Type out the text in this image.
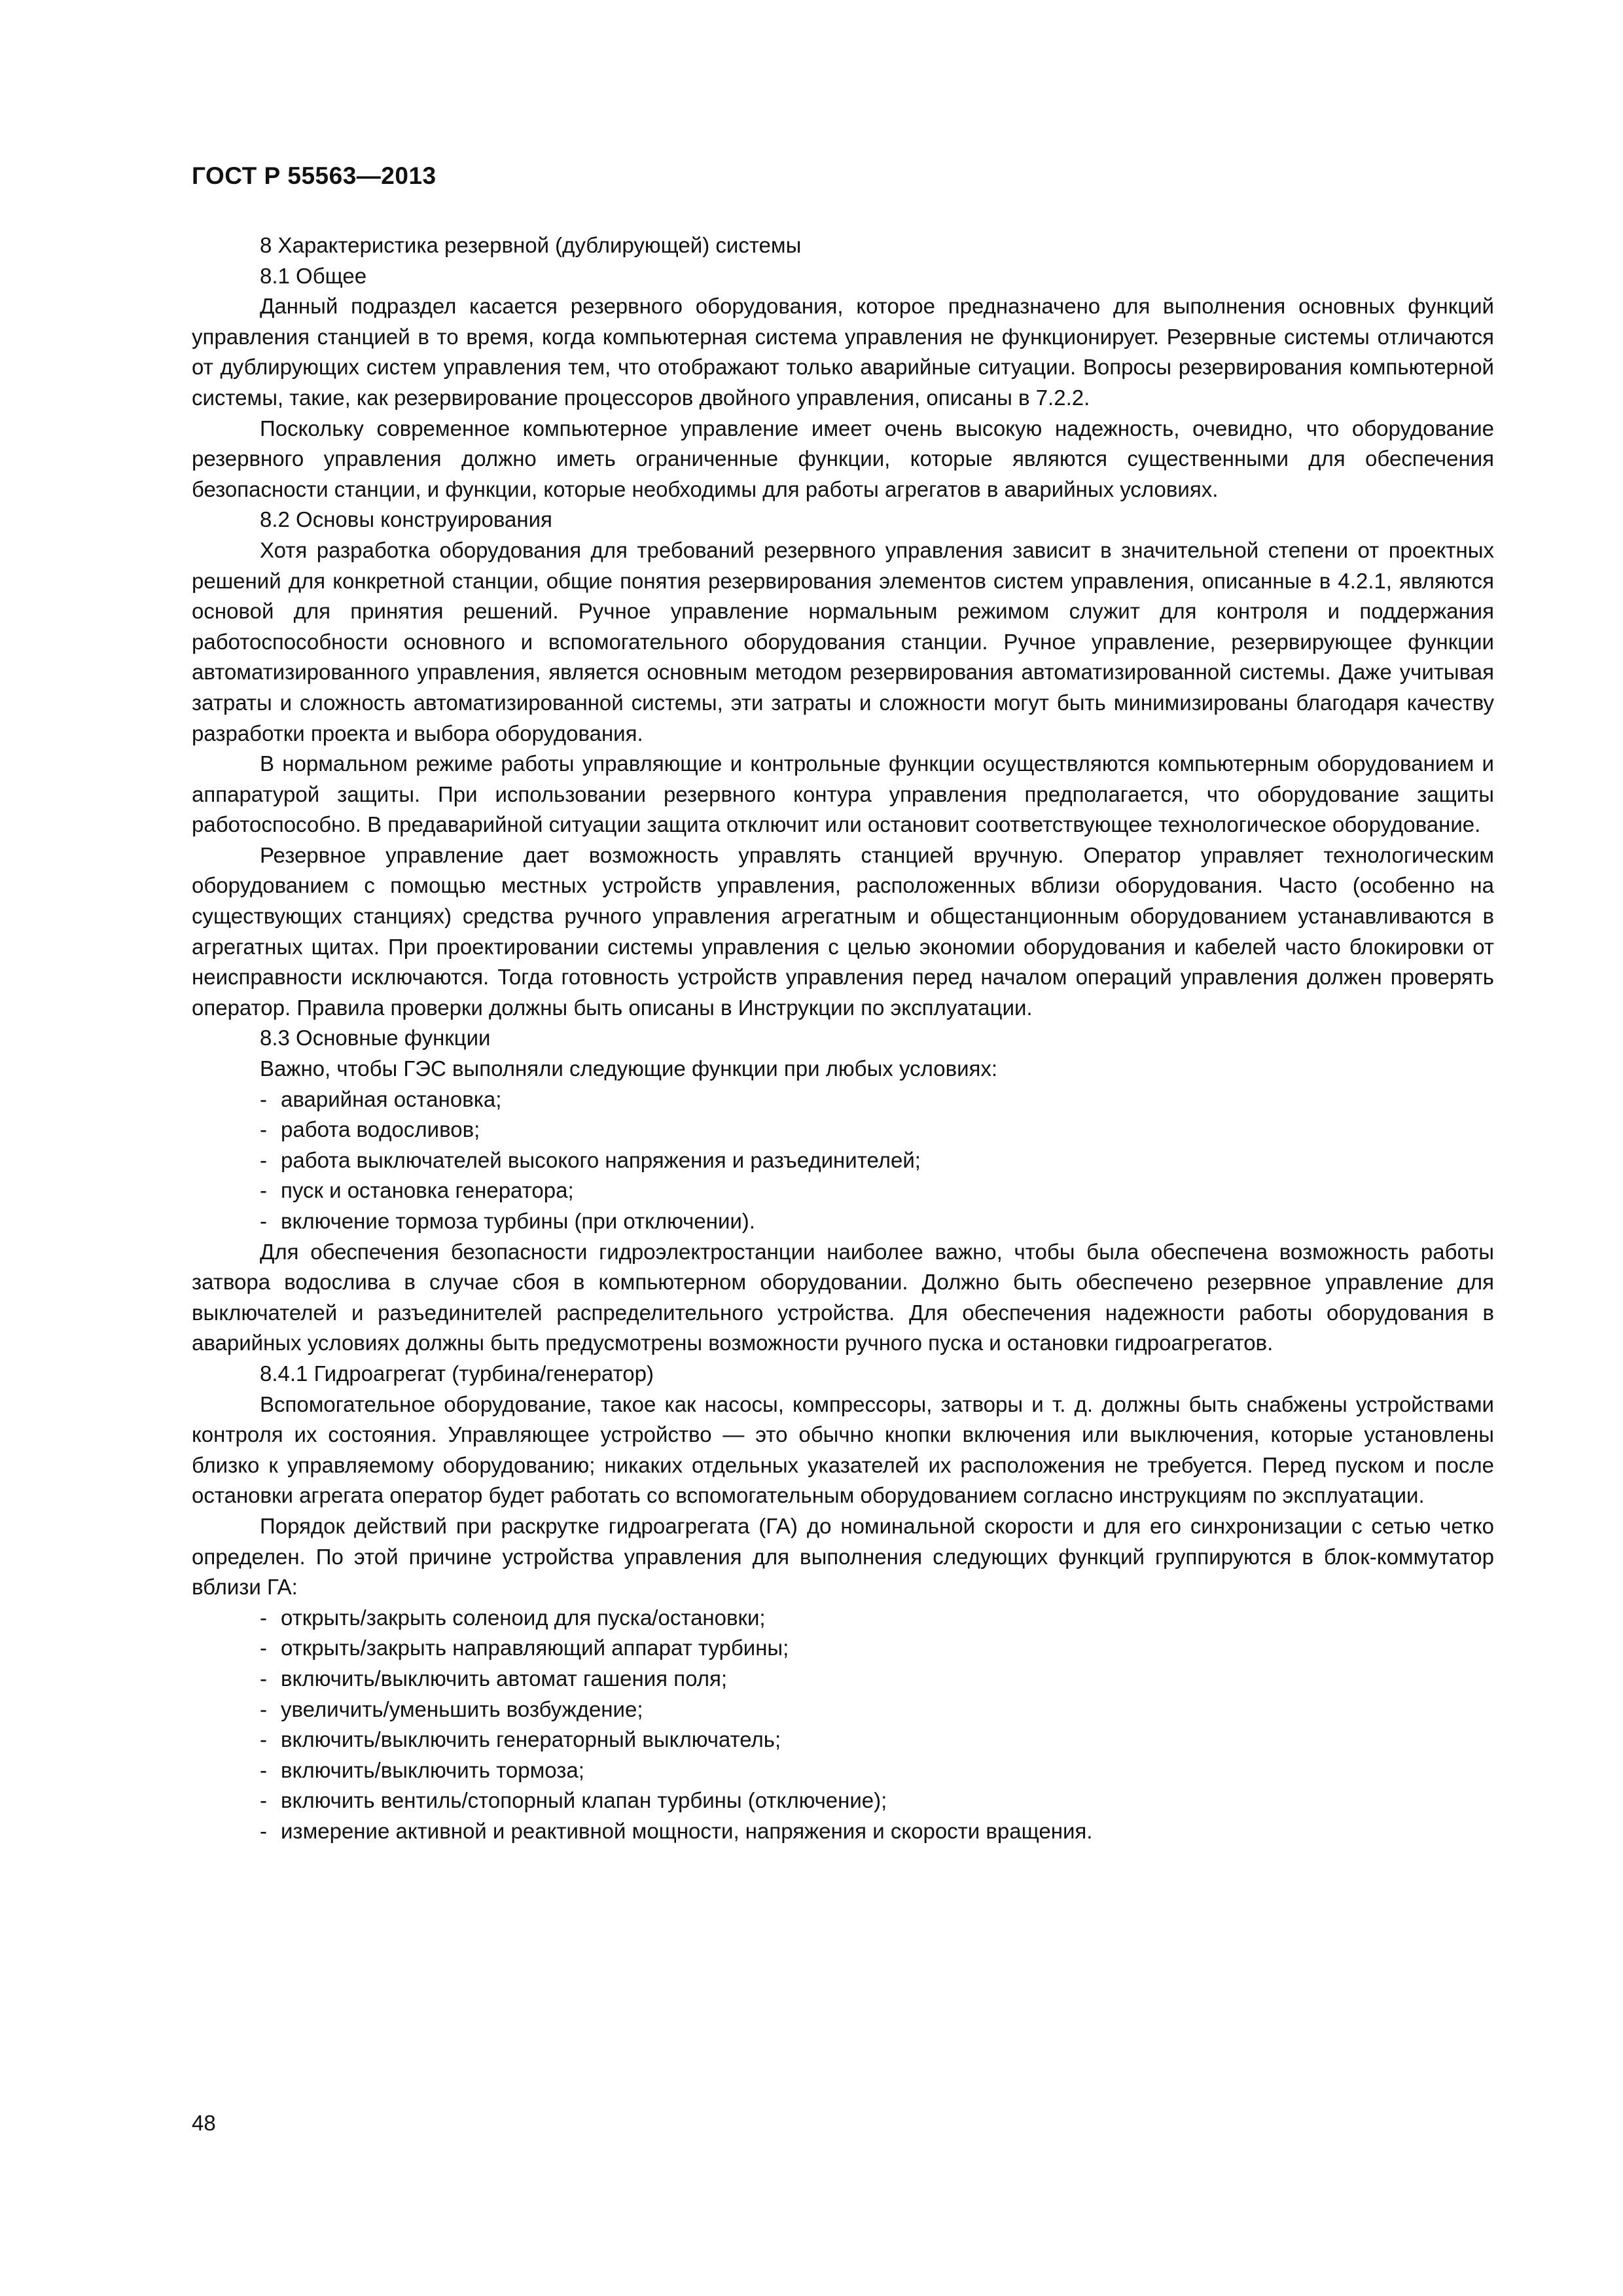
ГОСТ Р 55563—2013

8 Характеристика резервной (дублирующей) системы

8.1 Общее

Данный подраздел касается резервного оборудования, которое предназначено для выполнения основных функций управления станцией в то время, когда компьютерная система управления не функционирует. Резервные системы отличаются от дублирующих систем управления тем, что отображают только аварийные ситуации. Вопросы резервирования компьютерной системы, такие, как резервирование процессоров двойного управления, описаны в 7.2.2.

Поскольку современное компьютерное управление имеет очень высокую надежность, очевидно, что оборудование резервного управления должно иметь ограниченные функции, которые являются существенными для обеспечения безопасности станции, и функции, которые необходимы для работы агрегатов в аварийных условиях.

8.2 Основы конструирования

Хотя разработка оборудования для требований резервного управления зависит в значительной степени от проектных решений для конкретной станции, общие понятия резервирования элементов систем управления, описанные в 4.2.1, являются основой для принятия решений. Ручное управление нормальным режимом служит для контроля и поддержания работоспособности основного и вспомогательного оборудования станции. Ручное управление, резервирующее функции автоматизированного управления, является основным методом резервирования автоматизированной системы. Даже учитывая затраты и сложность автоматизированной системы, эти затраты и сложности могут быть минимизированы благодаря качеству разработки проекта и выбора оборудования.

В нормальном режиме работы управляющие и контрольные функции осуществляются компьютерным оборудованием и аппаратурой защиты. При использовании резервного контура управления предполагается, что оборудование защиты работоспособно. В предаварийной ситуации защита отключит или остановит соответствующее технологическое оборудование.

Резервное управление дает возможность управлять станцией вручную. Оператор управляет технологическим оборудованием с помощью местных устройств управления, расположенных вблизи оборудования. Часто (особенно на существующих станциях) средства ручного управления агрегатным и общестанционным оборудованием устанавливаются в агрегатных щитах. При проектировании системы управления с целью экономии оборудования и кабелей часто блокировки от неисправности исключаются. Тогда готовность устройств управления перед началом операций управления должен проверять оператор. Правила проверки должны быть описаны в Инструкции по эксплуатации.

8.3 Основные функции

Важно, чтобы ГЭС выполняли следующие функции при любых условиях:

- аварийная остановка;
- работа водосливов;
- работа выключателей высокого напряжения и разъединителей;
- пуск и остановка генератора;
- включение тормоза турбины (при отключении).

Для обеспечения безопасности гидроэлектростанции наиболее важно, чтобы была обеспечена возможность работы затвора водослива в случае сбоя в компьютерном оборудовании. Должно быть обеспечено резервное управление для выключателей и разъединителей распределительного устройства. Для обеспечения надежности работы оборудования в аварийных условиях должны быть предусмотрены возможности ручного пуска и остановки гидроагрегатов.

8.4.1 Гидроагрегат (турбина/генератор)

Вспомогательное оборудование, такое как насосы, компрессоры, затворы и т. д. должны быть снабжены устройствами контроля их состояния. Управляющее устройство — это обычно кнопки включения или выключения, которые установлены близко к управляемому оборудованию; никаких отдельных указателей их расположения не требуется. Перед пуском и после остановки агрегата оператор будет работать со вспомогательным оборудованием согласно инструкциям по эксплуатации.

Порядок действий при раскрутке гидроагрегата (ГА) до номинальной скорости и для его синхронизации с сетью четко определен. По этой причине устройства управления для выполнения следующих функций группируются в блок-коммутатор вблизи ГА:

- открыть/закрыть соленоид для пуска/остановки;
- открыть/закрыть направляющий аппарат турбины;
- включить/выключить автомат гашения поля;
- увеличить/уменьшить возбуждение;
- включить/выключить генераторный выключатель;
- включить/выключить тормоза;
- включить вентиль/стопорный клапан турбины (отключение);
- измерение активной и реактивной мощности, напряжения и скорости вращения.
48
